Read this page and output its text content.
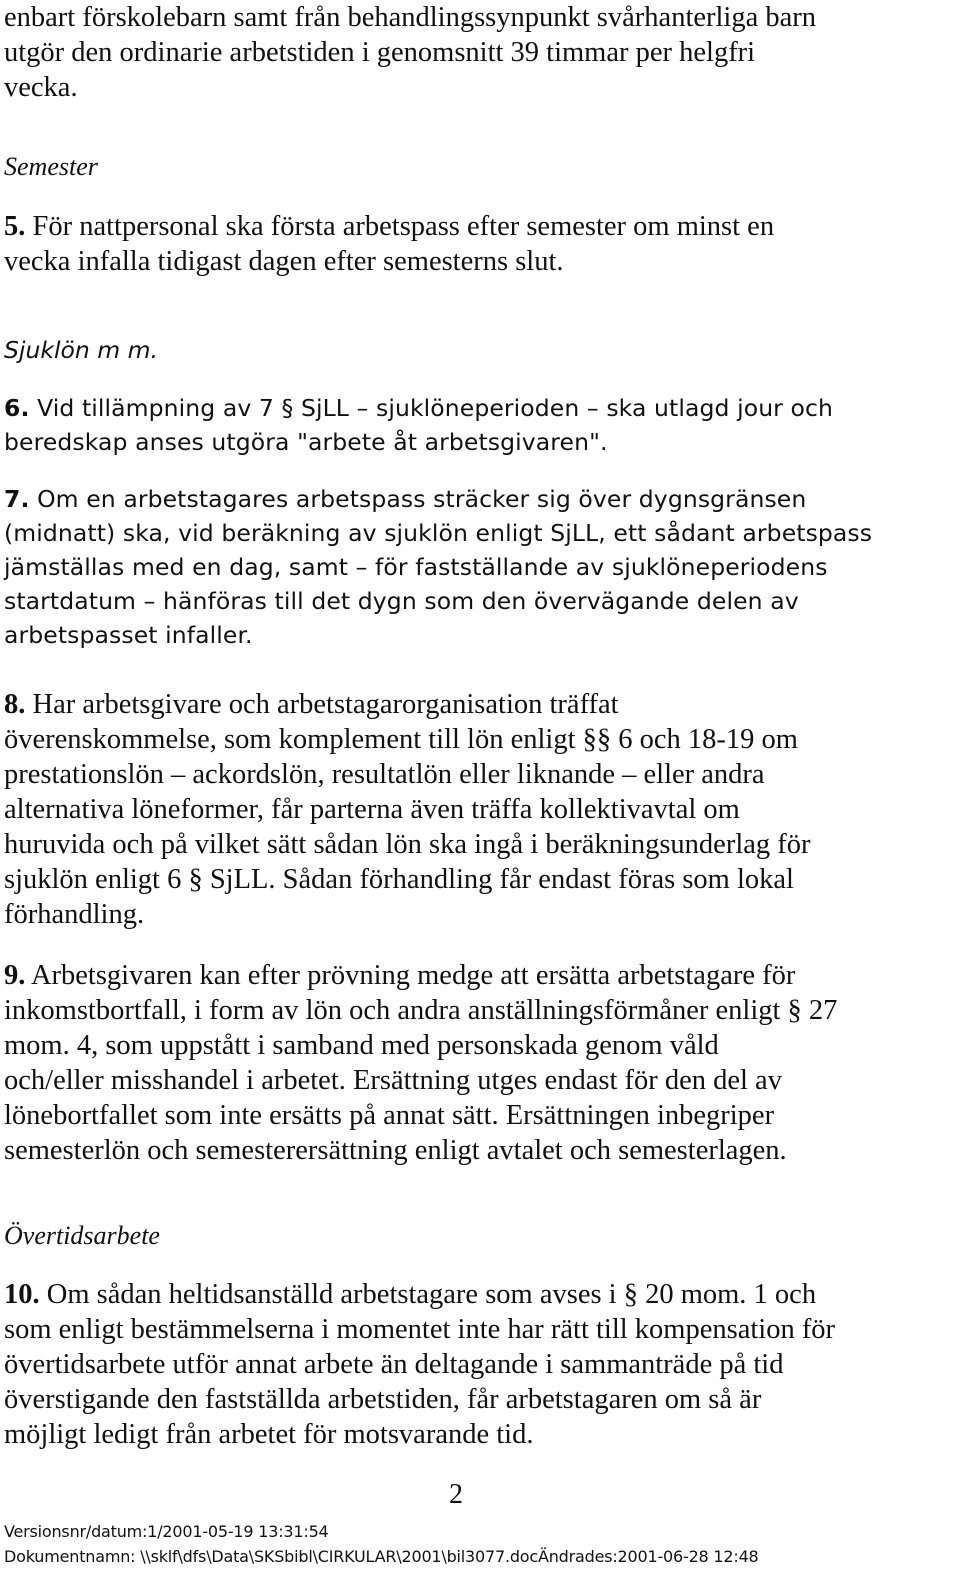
enbart förskolebarn samt från behandlingssynpunkt svårhanterliga barn
utgör den ordinarie arbetstiden i genomsnitt 39 timmar per helgfri
vecka.
Semester
5. För nattpersonal ska första arbetspass efter semester om minst en
vecka infalla tidigast dagen efter semesterns slut.
Sjuklön m m.
6. Vid tillämpning av 7 § SjLL – sjuklöneperioden – ska utlagd jour och
beredskap anses utgöra "arbete åt arbetsgivaren".
7. Om en arbetstagares arbetspass sträcker sig över dygnsgränsen
(midnatt) ska, vid beräkning av sjuklön enligt SjLL, ett sådant arbetspass
jämställas med en dag, samt – för fastställande av sjuklöneperiodens
startdatum – hänföras till det dygn som den övervägande delen av
arbetspasset infaller.
8. Har arbetsgivare och arbetstagarorganisation träffat
överenskommelse, som komplement till lön enligt §§ 6 och 18-19 om
prestationslön – ackordslön, resultatlön eller liknande – eller andra
alternativa löneformer, får parterna även träffa kollektivavtal om
huruvida och på vilket sätt sådan lön ska ingå i beräkningsunderlag för
sjuklön enligt 6 § SjLL. Sådan förhandling får endast föras som lokal
förhandling.
9. Arbetsgivaren kan efter prövning medge att ersätta arbetstagare för
inkomstbortfall, i form av lön och andra anställningsförmåner enligt § 27
mom. 4, som uppstått i samband med personskada genom våld
och/eller misshandel i arbetet. Ersättning utges endast för den del av
lönebortfallet som inte ersätts på annat sätt. Ersättningen inbegriper
semesterlön och semesterersättning enligt avtalet och semesterlagen.
Övertidsarbete
10. Om sådan heltidsanställd arbetstagare som avses i § 20 mom. 1 och
som enligt bestämmelserna i momentet inte har rätt till kompensation för
övertidsarbete utför annat arbete än deltagande i sammanträde på tid
överstigande den fastställda arbetstiden, får arbetstagaren om så är
möjligt ledigt från arbetet för motsvarande tid.
2
Versionsnr/datum:1/2001-05-19 13:31:54
Dokumentnamn: \\sklf\dfs\Data\SKSbibl\CIRKULAR\2001\bil3077.docÄndrades:2001-06-28 12:48
